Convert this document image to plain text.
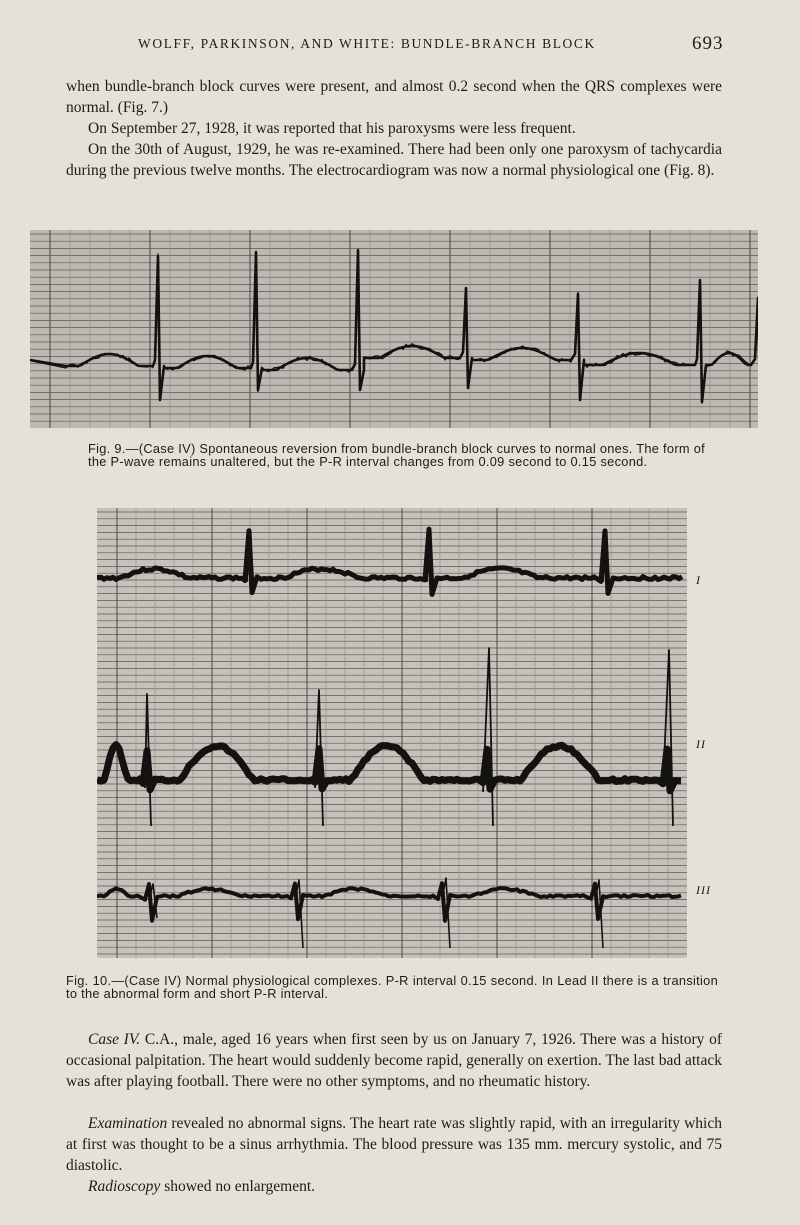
WOLFF, PARKINSON, AND WHITE: BUNDLE-BRANCH BLOCK	693

when bundle-branch block curves were present, and almost 0.2 second when the QRS complexes were normal. (Fig. 7.)

On September 27, 1928, it was reported that his paroxysms were less frequent.

On the 30th of August, 1929, he was re-examined. There had been only one paroxysm of tachycardia during the previous twelve months. The electrocardiogram was now a normal physiological one (Fig. 8).

Fig. 9.—(Case IV) Spontaneous reversion from bundle-branch block curves to normal ones. The form of the P-wave remains unaltered, but the P-R interval changes from 0.09 second to 0.15 second.

I
II
III

Fig. 10.—(Case IV) Normal physiological complexes. P-R interval 0.15 second. In Lead II there is a transition to the abnormal form and short P-R interval.

Case IV. C.A., male, aged 16 years when first seen by us on January 7, 1926. There was a history of occasional palpitation. The heart would suddenly become rapid, generally on exertion. The last bad attack was after playing football. There were no other symptoms, and no rheumatic history.

Examination revealed no abnormal signs. The heart rate was slightly rapid, with an irregularity which at first was thought to be a sinus arrhythmia. The blood pressure was 135 mm. mercury systolic, and 75 diastolic.

Radioscopy showed no enlargement.
